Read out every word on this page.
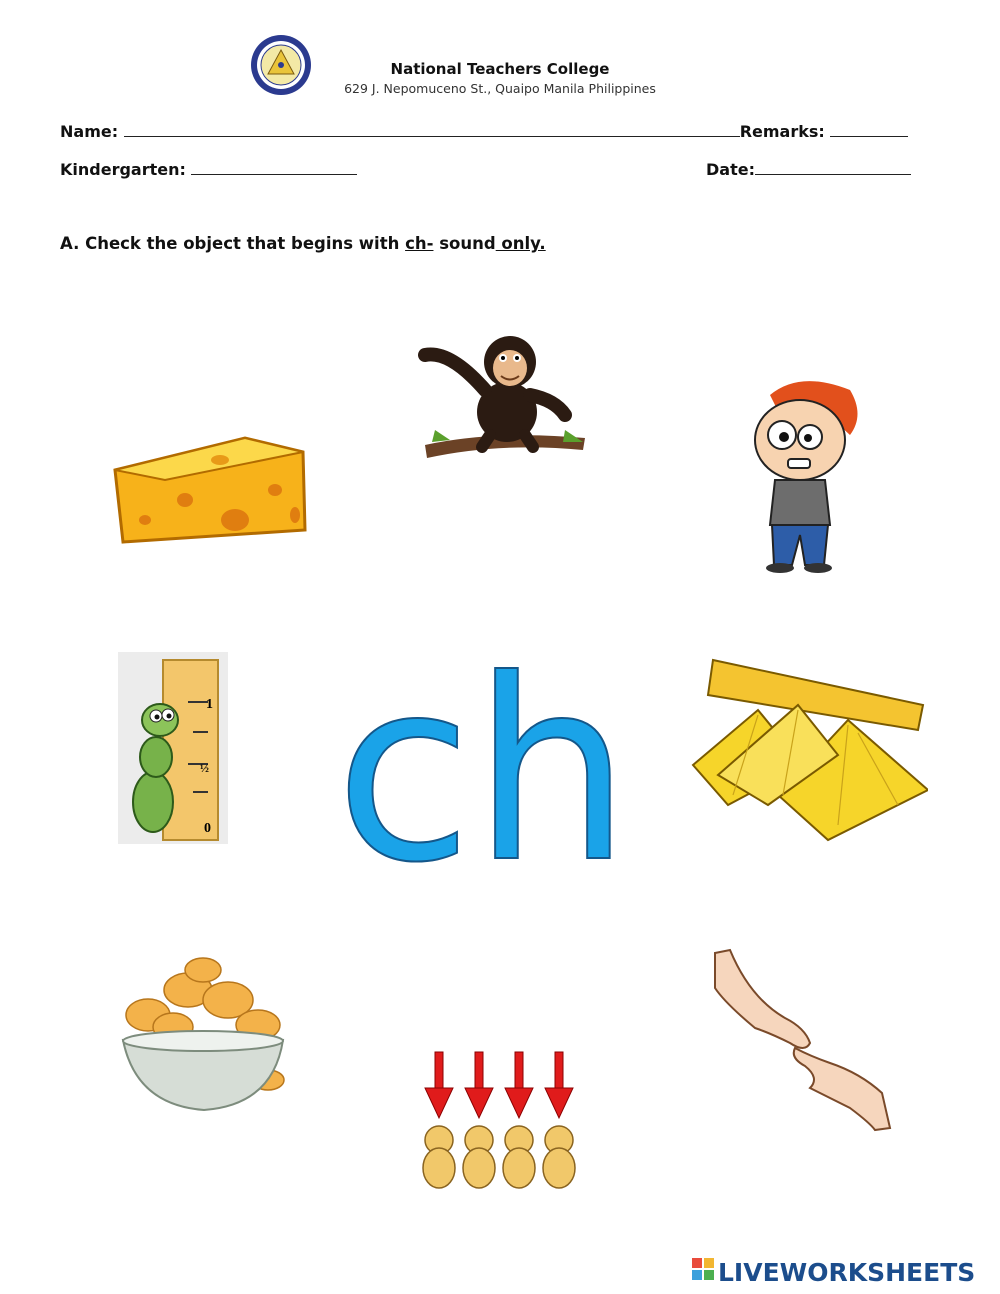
National Teachers College
629 J. Nepomuceno St., Quaipo Manila Philippines
Name:	Remarks:
Kindergarten:	Date:
A. Check the object that begins with ch- sound only.
1
½
0 ch
LIVEWORKSHEETS
